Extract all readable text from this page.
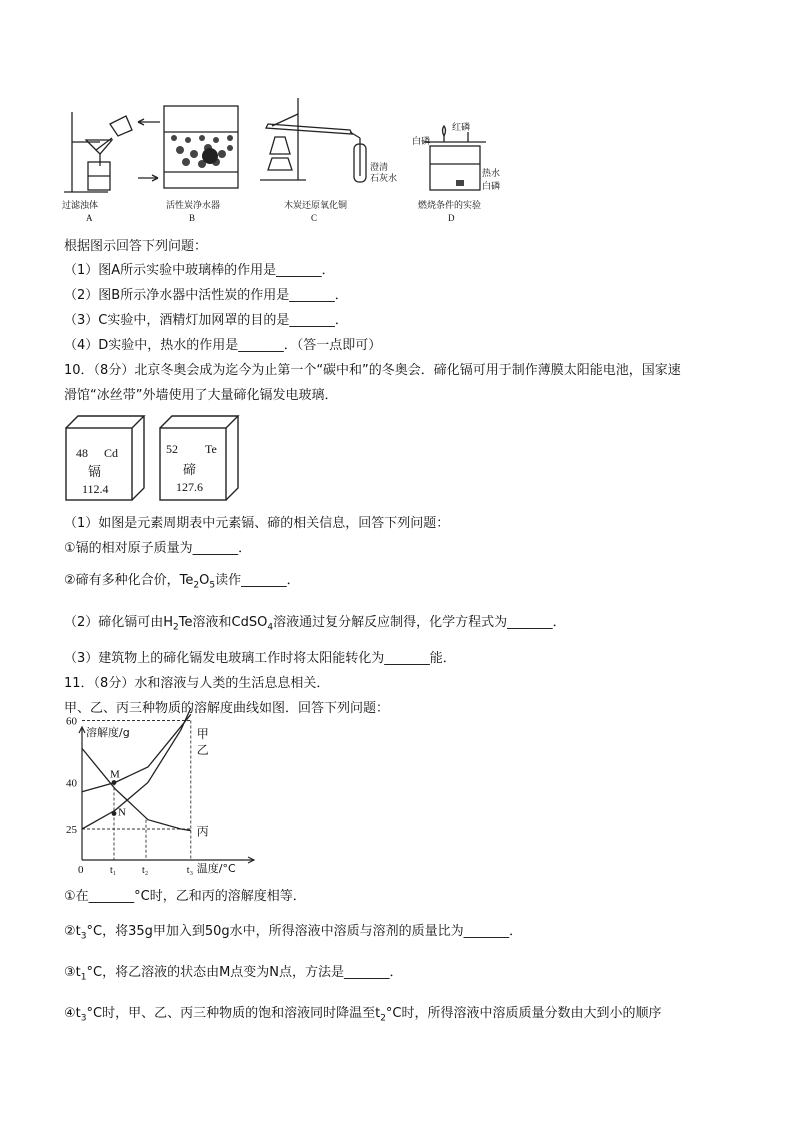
过滤浊体
A
活性炭净水器
B
木炭还原氧化铜
C
澄清
石灰水
燃烧条件的实验
D
白磷
红磷
热水
白磷
根据图示回答下列问题：
（1）图A所示实验中玻璃棒的作用是_______．
（2）图B所示净水器中活性炭的作用是_______．
（3）C实验中，酒精灯加网罩的目的是_______．
（4）D实验中，热水的作用是_______．（答一点即可）
10．（8分）北京冬奥会成为迄今为止第一个“碳中和”的冬奥会．碲化镉可用于制作薄膜太阳能电池，国家速
滑馆“冰丝带”外墙使用了大量碲化镉发电玻璃．
48 Cd
镉
112.4
52 Te
碲
127.6
（1）如图是元素周期表中元素镉、碲的相关信息，回答下列问题：
①镉的相对原子质量为_______．
②碲有多种化合价，$Te_2O_5$读作_______．
（2）碲化镉可由$H_2Te$溶液和CdSO$_4$溶液通过复分解反应制得，化学方程式为_______．
（3）建筑物上的碲化镉发电玻璃工作时将太阳能转化为_______能．
11．（8分）水和溶液与人类的生活息息相关．
甲、乙、丙三种物质的溶解度曲线如图．回答下列问题：
60
40
25
t₁	t₂	t₃
0
溶解度/g
温度/°C
甲
乙
丙
M
N
①在_______°C时，乙和丙的溶解度相等．
$②t_3^\circ C$，将35g甲加入到50g水中，所得溶液中溶质与溶剂的质量比为_______．
$③t_1^\circ C$，将乙溶液的状态由M点变为N点，方法是_______．
$④t_3^\circ C$时，甲、乙、丙三种物质的饱和溶液同时降温至$t_2^\circ C$时，所得溶液中溶质质量分数由大到小的顺序
